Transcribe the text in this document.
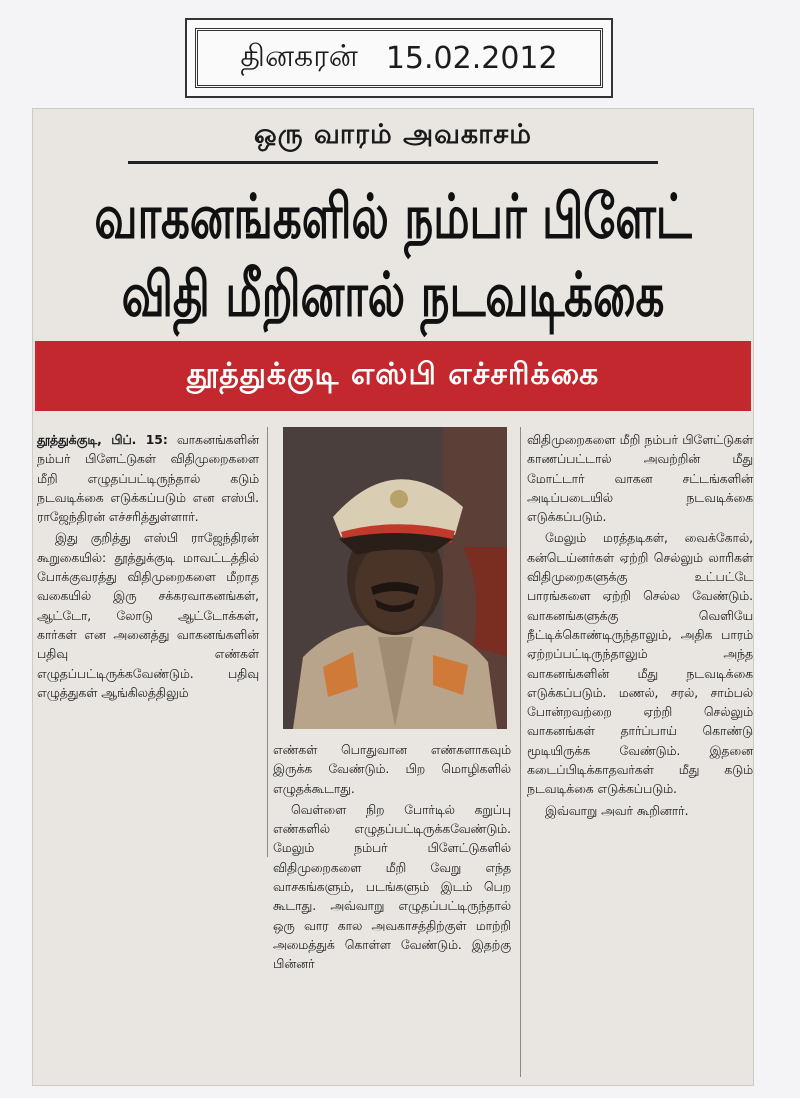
தினகரன் 15.02.2012
ஒரு வாரம் அவகாசம்
வாகனங்களில் நம்பர் பிளேட்
விதி மீறினால் நடவடிக்கை
தூத்துக்குடி எஸ்பி எச்சரிக்கை

தூத்துக்குடி, பிப். 15: வாகனங்களின் நம்பர் பிளேட்டுகள் விதிமுறைகளை மீறி எழுதப்பட்டிருந்தால் கடும் நடவடிக்கை எடுக்கப்படும் என எஸ்பி. ராஜேந்திரன் எச்சரித்துள்ளார்.

இது குறித்து எஸ்பி ராஜேந்திரன் கூறுகையில்: தூத்துக்குடி மாவட்டத்தில் போக்குவரத்து விதிமுறைகளை மீறாத வகையில் இரு சக்கரவாகனங்கள், ஆட்டோ, லோடு ஆட்டோக்கள், கார்கள் என அனைத்து வாகனங்களின் பதிவு எண்கள் எழுதப்பட்டிருக்கவேண்டும். பதிவு எழுத்துகள் ஆங்கிலத்திலும்

எண்கள் பொதுவான எண்களாகவும் இருக்க வேண்டும். பிற மொழிகளில் எழுதக்கூடாது.

வெள்ளை நிற போர்டில் கறுப்பு எண்களில் எழுதப்பட்டிருக்கவேண்டும். மேலும் நம்பர் பிளேட்டுகளில் விதிமுறைகளை மீறி வேறு எந்த வாசகங்களும், படங்களும் இடம் பெற கூடாது. அவ்வாறு எழுதப்பட்டிருந்தால் ஒரு வார கால அவகாசத்திற்குள் மாற்றி அமைத்துக் கொள்ள வேண்டும். இதற்கு பின்னர்

விதிமுறைகளை மீறி நம்பர் பிளேட்டுகள் காணப்பட்டால் அவற்றின் மீது மோட்டார் வாகன சட்டங்களின் அடிப்படையில் நடவடிக்கை எடுக்கப்படும்.

மேலும் மரத்தடிகள், வைக்கோல், கன்டெய்னர்கள் ஏற்றி செல்லும் லாரிகள் விதிமுறைகளுக்கு உட்பட்டே பாரங்களை ஏற்றி செல்ல வேண்டும். வாகனங்களுக்கு வெளியே நீட்டிக்கொண்டிருந்தாலும், அதிக பாரம் ஏற்றப்பட்டிருந்தாலும் அந்த வாகனங்களின் மீது நடவடிக்கை எடுக்கப்படும். மணல், சரல், சாம்பல் போன்றவற்றை ஏற்றி செல்லும் வாகனங்கள் தார்ப்பாய் கொண்டு மூடியிருக்க வேண்டும். இதனை கடைப்பிடிக்காதவர்கள் மீது கடும் நடவடிக்கை எடுக்கப்படும்.

இவ்வாறு அவர் கூறினார்.
